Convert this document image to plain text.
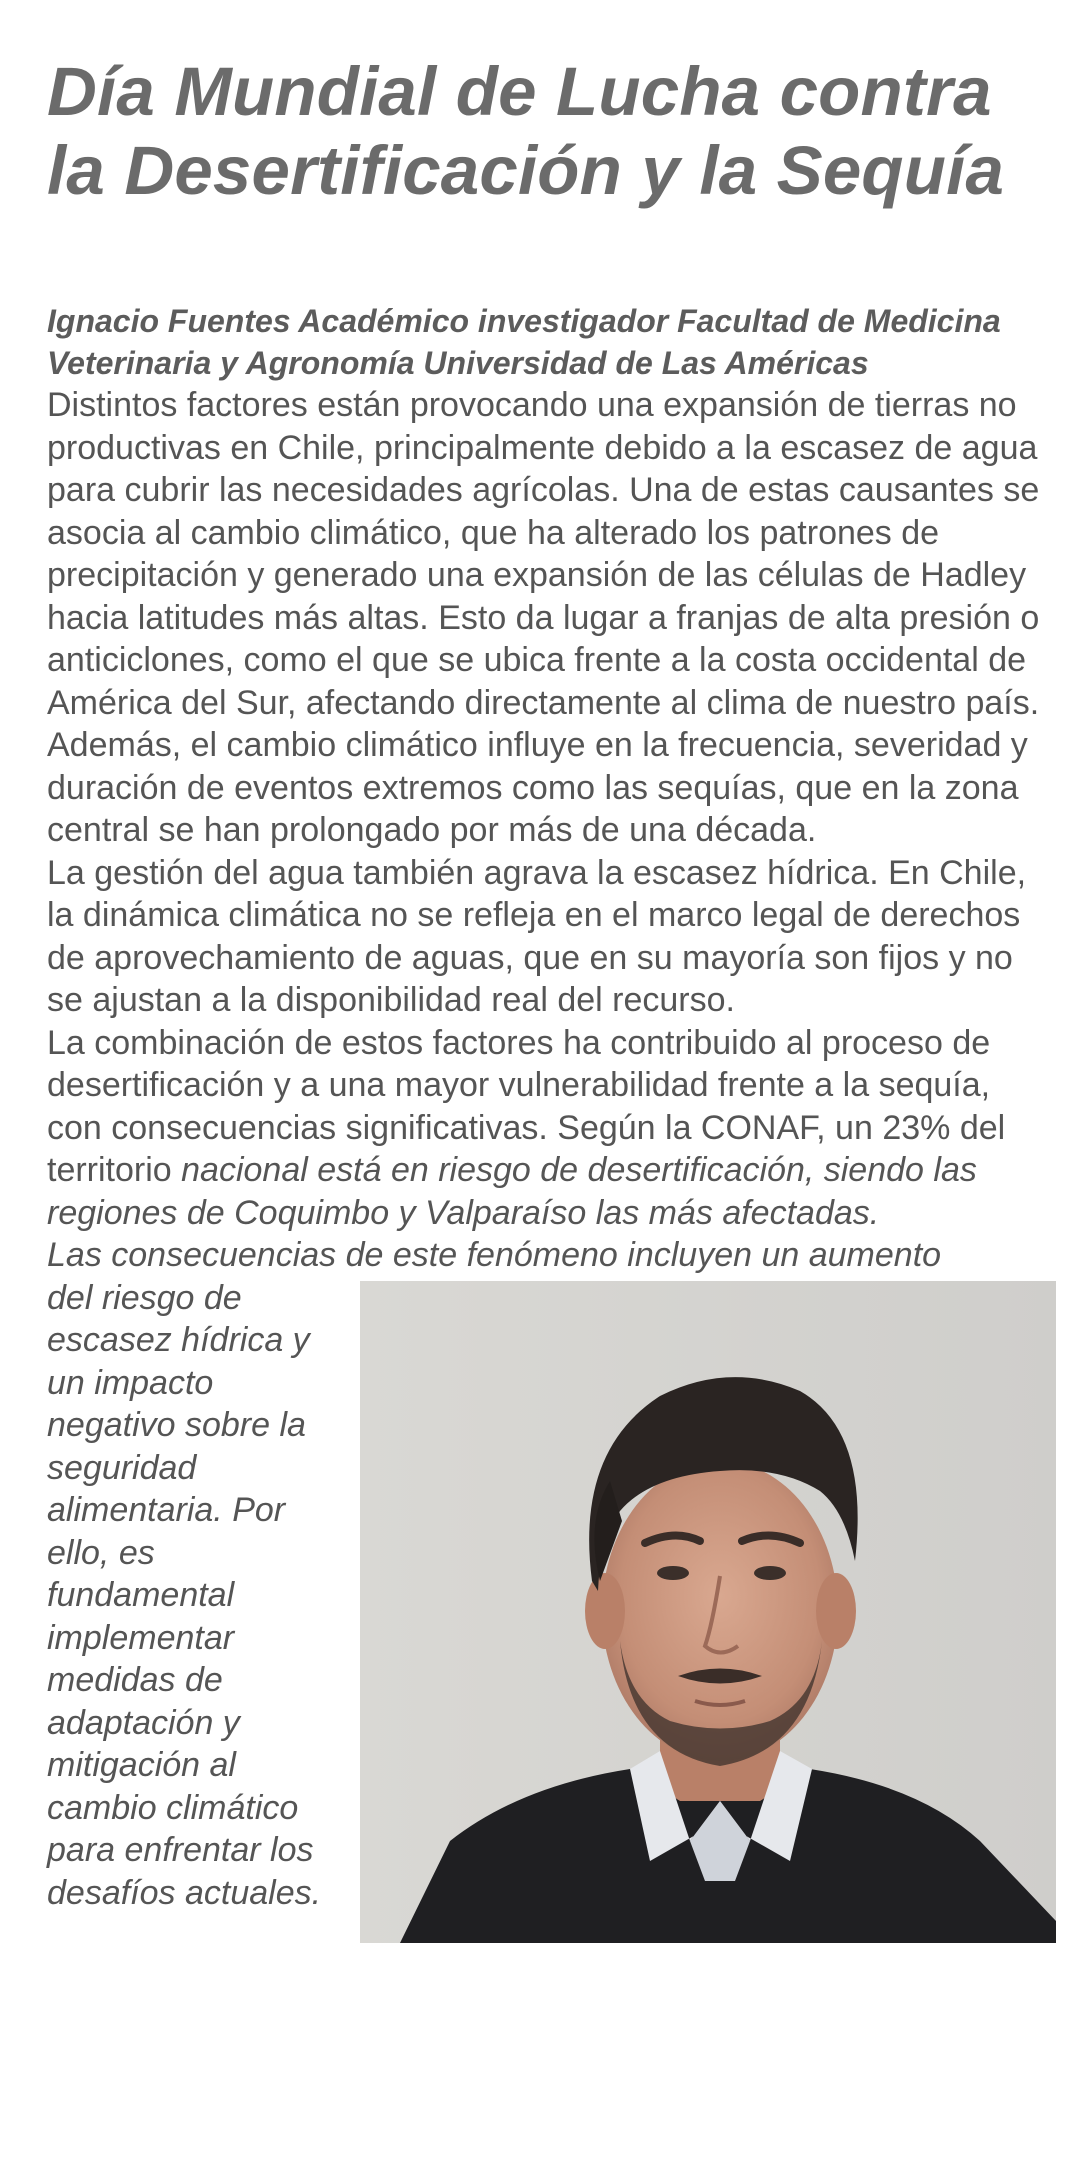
Día Mundial de Lucha contra la Desertificación y la Sequía
Ignacio Fuentes Académico investigador Facultad de Medicina Veterinaria y Agronomía Universidad de Las Américas

Distintos factores están provocando una expansión de tierras no productivas en Chile, principalmente debido a la escasez de agua para cubrir las necesidades agrícolas. Una de estas causantes se asocia al cambio climático, que ha alterado los patrones de precipitación y generado una expansión de las células de Hadley hacia latitudes más altas. Esto da lugar a franjas de alta presión o anticiclones, como el que se ubica frente a la costa occidental de América del Sur, afectando directamente al clima de nuestro país. Además, el cambio climático influye en la frecuencia, severidad y duración de eventos extremos como las sequías, que en la zona central se han prolongado por más de una década.

La gestión del agua también agrava la escasez hídrica. En Chile, la dinámica climática no se refleja en el marco legal de derechos de aprovechamiento de aguas, que en su mayoría son fijos y no se ajustan a la disponibilidad real del recurso.

La combinación de estos factores ha contribuido al proceso de desertificación y a una mayor vulnerabilidad frente a la sequía, con consecuencias significativas. Según la CONAF, un 23% del territorio nacional está en riesgo de desertificación, siendo las regiones de Coquimbo y Valparaíso las más afectadas.

Las consecuencias de este fenómeno incluyen un aumento

del riesgo de escasez hídrica y un impacto negativo sobre la seguridad alimentaria. Por ello, es fundamental implementar medidas de adaptación y mitigación al cambio climático para enfrentar los desafíos actuales.
